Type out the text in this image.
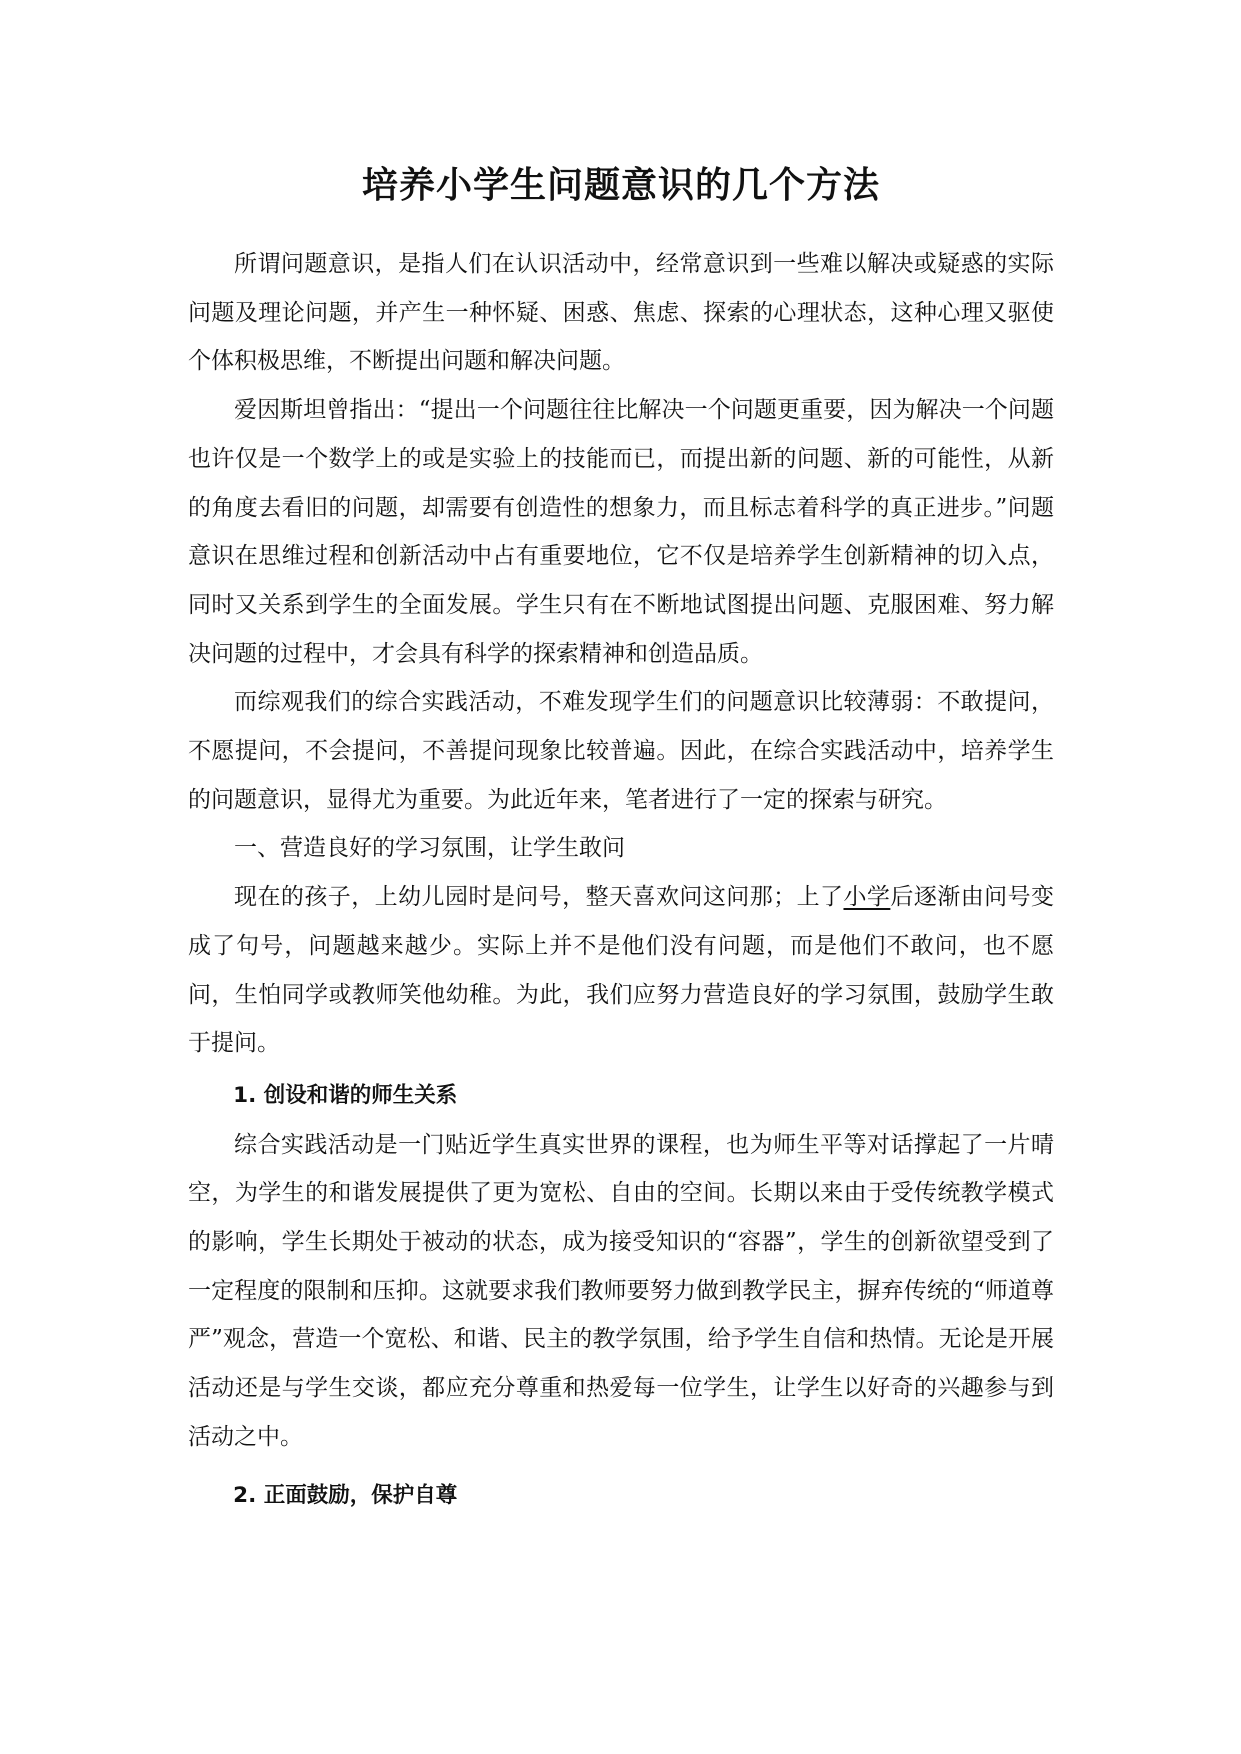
培养小学生问题意识的几个方法

所谓问题意识，是指人们在认识活动中，经常意识到一些难以解决或疑惑的实际问题及理论问题，并产生一种怀疑、困惑、焦虑、探索的心理状态，这种心理又驱使个体积极思维，不断提出问题和解决问题。

爱因斯坦曾指出：“提出一个问题往往比解决一个问题更重要，因为解决一个问题也许仅是一个数学上的或是实验上的技能而已，而提出新的问题、新的可能性，从新的角度去看旧的问题，却需要有创造性的想象力，而且标志着科学的真正进步。”问题意识在思维过程和创新活动中占有重要地位，它不仅是培养学生创新精神的切入点，同时又关系到学生的全面发展。学生只有在不断地试图提出问题、克服困难、努力解决问题的过程中，才会具有科学的探索精神和创造品质。

而综观我们的综合实践活动，不难发现学生们的问题意识比较薄弱：不敢提问，不愿提问，不会提问，不善提问现象比较普遍。因此，在综合实践活动中，培养学生的问题意识，显得尤为重要。为此近年来，笔者进行了一定的探索与研究。

一、营造良好的学习氛围，让学生敢问

现在的孩子，上幼儿园时是问号，整天喜欢问这问那；上了小学后逐渐由问号变成了句号，问题越来越少。实际上并不是他们没有问题，而是他们不敢问，也不愿问，生怕同学或教师笑他幼稚。为此，我们应努力营造良好的学习氛围，鼓励学生敢于提问。

1. 创设和谐的师生关系

综合实践活动是一门贴近学生真实世界的课程，也为师生平等对话撑起了一片晴空，为学生的和谐发展提供了更为宽松、自由的空间。长期以来由于受传统教学模式的影响，学生长期处于被动的状态，成为接受知识的“容器”，学生的创新欲望受到了一定程度的限制和压抑。这就要求我们教师要努力做到教学民主，摒弃传统的“师道尊严”观念，营造一个宽松、和谐、民主的教学氛围，给予学生自信和热情。无论是开展活动还是与学生交谈，都应充分尊重和热爱每一位学生，让学生以好奇的兴趣参与到活动之中。

2. 正面鼓励，保护自尊
